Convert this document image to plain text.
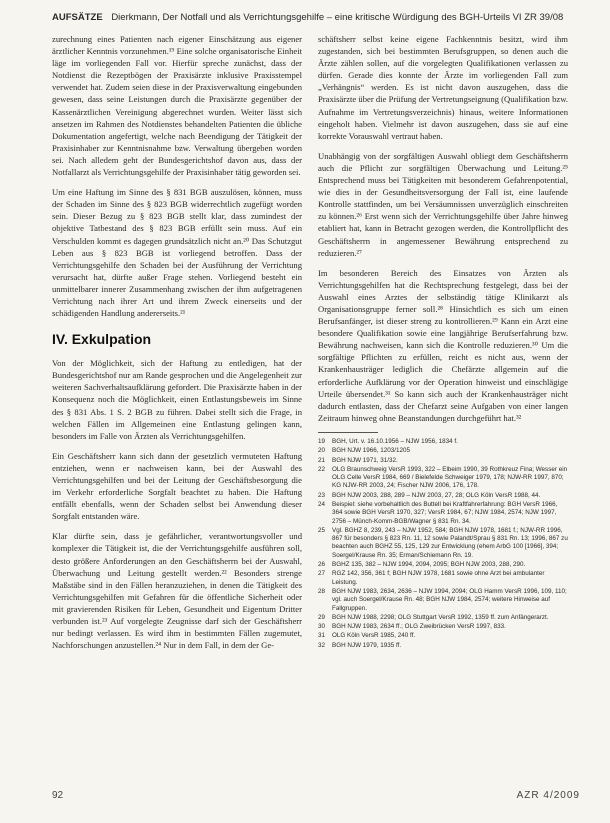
AUFSÄTZE Dierkmann, Der Notfall und als Verrichtungsgehilfe – eine kritische Würdigung des BGH-Urteils VI ZR 39/08

zurechnung eines Patienten nach eigener Einschätzung aus eigener ärztlicher Kenntnis vorzunehmen.¹⁹ Eine solche organisatorische Einheit läge im vorliegenden Fall vor. Hierfür spreche zunächst, dass der Notdienst die Rezeptbögen der Praxisärzte inklusive Praxisstempel verwendet hat. Zudem seien diese in der Praxisverwaltung eingebunden gewesen, dass seine Leistungen durch die Praxisärzte gegenüber der Kassenärztlichen Vereinigung abgerechnet wurden. Weiter lässt sich ansetzen im Rahmen des Notdienstes behandelten Patienten die übliche Dokumentation angefertigt, welche nach Beendigung der Tätigkeit der Praxisinhaber zur Kenntnisnahme bzw. Verwaltung übergeben worden sei. Nach alledem geht der Bundesgerichtshof davon aus, dass der Notfallarzt als Verrichtungsgehilfe der Praxisinhaber tätig geworden sei.

Um eine Haftung im Sinne des § 831 BGB auszulösen, können, muss der Schaden im Sinne des § 823 BGB widerrechtlich zugefügt worden sein. Dieser Bezug zu § 823 BGB stellt klar, dass zumindest der objektive Tatbestand des § 823 BGB erfüllt sein muss. Auf ein Verschulden kommt es dagegen grundsätzlich nicht an.²⁰ Das Schutzgut Leben aus § 823 BGB ist vorliegend betroffen. Dass der Verrichtungsgehilfe den Schaden bei der Ausführung der Verrichtung verursacht hat, dürfte außer Frage stehen. Vorliegend besteht ein unmittelbarer innerer Zusammenhang zwischen der ihm aufgetragenen Verrichtung nach ihrer Art und ihrem Zweck einerseits und der schädigenden Handlung andererseits.²¹

IV. Exkulpation

Von der Möglichkeit, sich der Haftung zu entledigen, hat der Bundesgerichtshof nur am Rande gesprochen und die Angelegenheit zur weiteren Sachverhaltsaufklärung gefordert. Die Praxisärzte haben in der Konsequenz noch die Möglichkeit, einen Entlastungsbeweis im Sinne des § 831 Abs. 1 S. 2 BGB zu führen. Dabei stellt sich die Frage, in welchen Fällen im Allgemeinen eine Entlastung gelingen kann, besonders im Falle von Ärzten als Verrichtungsgehilfen.

Ein Geschäftsherr kann sich dann der gesetzlich vermuteten Haftung entziehen, wenn er nachweisen kann, bei der Auswahl des Verrichtungsgehilfen und bei der Leitung der Geschäftsbesorgung die im Verkehr erforderliche Sorgfalt beachtet zu haben. Die Haftung entfällt ebenfalls, wenn der Schaden selbst bei Anwendung dieser Sorgfalt entstanden wäre.

Klar dürfte sein, dass je gefährlicher, verantwortungsvoller und komplexer die Tätigkeit ist, die der Verrichtungsgehilfe ausführen soll, desto größere Anforderungen an den Geschäftsherrn bei der Auswahl, Überwachung und Leitung gestellt werden.²² Besonders strenge Maßstäbe sind in den Fällen heranzuziehen, in denen die Tätigkeit des Verrichtungsgehilfen mit Gefahren für die öffentliche Sicherheit oder mit gravierenden Risiken für Leben, Gesundheit und Eigentum Dritter verbunden ist.²³ Auf vorgelegte Zeugnisse darf sich der Geschäftsherr nur bedingt verlassen. Es wird ihm in bestimmten Fällen zugemutet, Nachforschungen anzustellen.²⁴ Nur in dem Fall, in dem der Ge-

schäftsherr selbst keine eigene Fachkenntnis besitzt, wird ihm zugestanden, sich bei bestimmten Berufsgruppen, so denen auch die Ärzte zählen sollen, auf die vorgelegten Qualifikationen verlassen zu dürfen. Gerade dies konnte der Ärzte im vorliegenden Fall zum „Verhängnis“ werden. Es ist nicht davon auszugehen, dass die Praxisärzte über die Prüfung der Vertretungseignung (Qualifikation bzw. Aufnahme im Vertretungsverzeichnis) hinaus, weitere Informationen eingeholt haben. Vielmehr ist davon auszugehen, dass sie auf eine korrekte Vorauswahl vertraut haben.

Unabhängig von der sorgfältigen Auswahl obliegt dem Geschäftsherrn auch die Pflicht zur sorgfältigen Überwachung und Leitung.²⁵ Entsprechend muss bei Tätigkeiten mit besonderem Gefahrenpotential, wie dies in der Gesundheitsversorgung der Fall ist, eine laufende Kontrolle stattfinden, um bei Versäumnissen unverzüglich einschreiten zu können.²⁶ Erst wenn sich der Verrichtungsgehilfe über Jahre hinweg etabliert hat, kann in Betracht gezogen werden, die Kontrollpflicht des Geschäftsherrn in angemessener Bewährung entsprechend zu reduzieren.²⁷

Im besonderen Bereich des Einsatzes von Ärzten als Verrichtungsgehilfen hat die Rechtsprechung festgelegt, dass bei der Auswahl eines Arztes der selbständig tätige Klinikarzt als Organisationsgruppe ferner soll.²⁸ Hinsichtlich es sich um einen Berufsanfänger, ist dieser streng zu kontrollieren.²⁹ Kann ein Arzt eine besondere Qualifikation sowie eine langjährige Berufserfahrung bzw. Bewährung nachweisen, kann sich die Kontrolle reduzieren.³⁰ Um die sorgfältige Pflichten zu erfüllen, reicht es nicht aus, wenn der Krankenhausträger lediglich die Chefärzte allgemein auf die erforderliche Aufklärung vor der Operation hinweist und einschlägige Urteile übersendet.³¹ So kann sich auch der Krankenhausträger nicht dadurch entlasten, dass der Chefarzt seine Aufgaben von einer langen Zeitraum hinweg ohne Beanstandungen durchgeführt hat.³²

19	BGH, Urt. v. 16.10.1956 – NJW 1956, 1834 f.
20	BGH NJW 1966, 1203/1205
21	BGH NJW 1971, 31/32.
22	OLG Braunschweig VersR 1993, 322 – Elbeim 1990, 39 Rothkreuz Fina; Wesser ein OLG Celle VersR 1984, 669 / Bielefelde Schweiger 1979, 178; NJW-RR 1997, 870; KG NJW-RR 2003, 24; Fischer NJW 2006, 176, 178.
23	BGH NJW 2003, 288, 289 – NJW 2003, 27, 28; OLG Köln VersR 1988, 44.
24	Beispiel: siehe vorbehaltlich des Buttell bei Kraftfahrerfahrung: BGH VersR 1966, 364 sowie BGH VersR 1970, 327; VersR 1984, 67; NJW 1984, 2574; NJW 1997, 2756 – Münch-Komm-BGB/Wagner § 831 Rn. 34.
25	Vgl. BGHZ 8, 239, 243 – NJW 1952, 584; BGH NJW 1978, 1681 f.; NJW-RR 1996, 867 für besonders § 823 Rn. 11, 12 sowie Palandt/Sprau § 831 Rn. 13; 1996, 867 zu beachten auch BGHZ 55, 125, 129 zur Entwicklung (ehem ArbG 100 [1966], 394; Soergel/Krause Rn. 35; Erman/Schiemann Rn. 19.
26	BGHZ 135, 382 – NJW 1994, 2094, 2095; BGH NJW 2003, 288, 290.
27	RGZ 142, 356, 361 f; BGH NJW 1978, 1681 sowie ohne Arzt bei ambulanter Leistung.
28	BGH NJW 1983, 2634, 2636 – NJW 1994, 2094; OLG Hamm VersR 1996, 109, 110; vgl. auch Soergel/Krause Rn. 48; BGH NJW 1984, 2574; weitere Hinweise auf Fallgruppen.
29	BGH NJW 1988, 2298; OLG Stuttgart VersR 1992, 1359 ff. zum Anfängerarzt.
30	BGH NJW 1983, 2634 ff.; OLG Zweibrücken VersR 1997, 833.
31	OLG Köln VersR 1985, 240 ff.
32	BGH NJW 1979, 1935 ff.
92	AZR 4/2009
